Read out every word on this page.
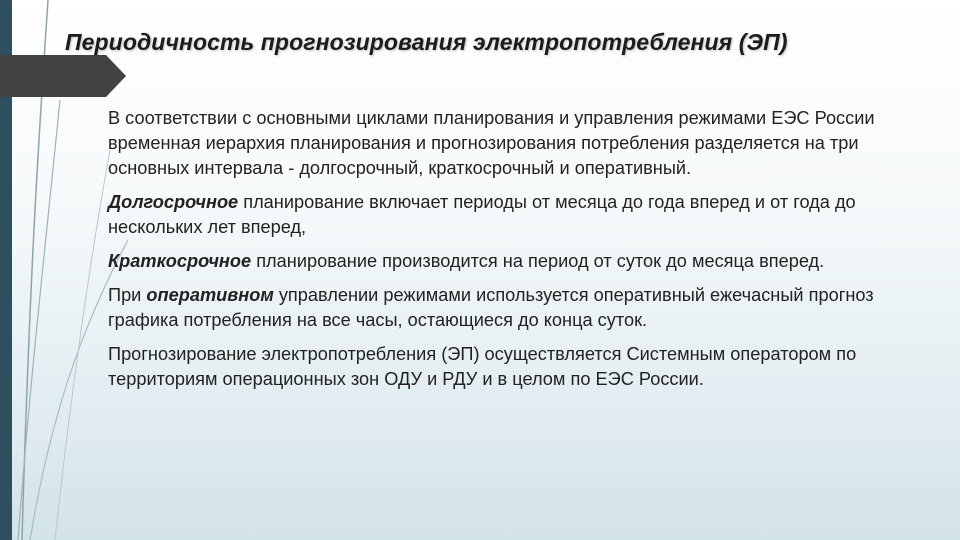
Периодичность прогнозирования электропотребления (ЭП)

В соответствии с основными циклами планирования и управления режимами ЕЭС России временная иерархия планирования и прогнозирования потребления разделяется на три основных интервала - долгосрочный, краткосрочный и оперативный.

Долгосрочное планирование включает периоды от месяца до года вперед и от года до нескольких лет вперед,

Краткосрочное планирование производится на период от суток до месяца вперед.

При оперативном управлении режимами используется оперативный ежечасный прогноз графика потребления на все часы, остающиеся до конца суток.

Прогнозирование электропотребления (ЭП) осуществляется Системным оператором по территориям операционных зон ОДУ и РДУ и в целом по ЕЭС России.
